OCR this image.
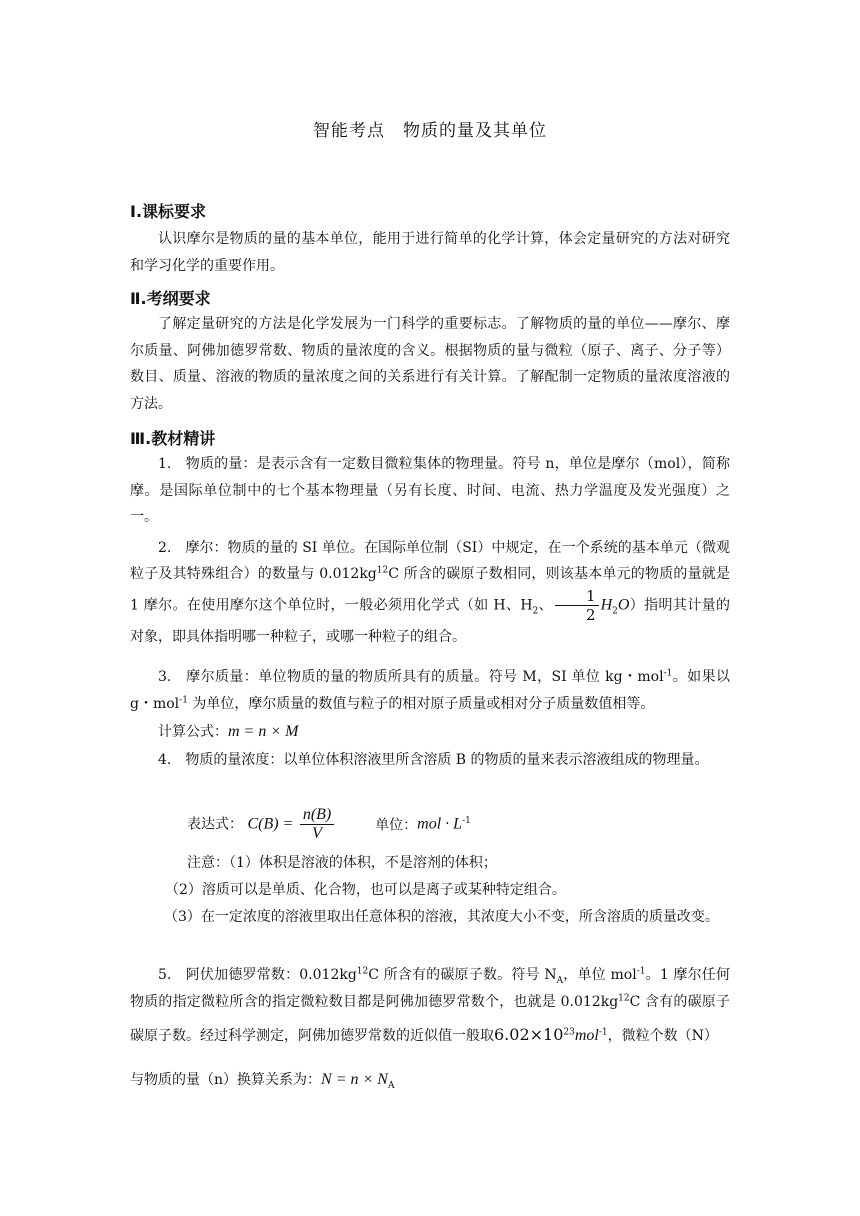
智能考点 物质的量及其单位
Ⅰ.课标要求

认识摩尔是物质的量的基本单位，能用于进行简单的化学计算，体会定量研究的方法对研究和学习化学的重要作用。

Ⅱ.考纲要求

了解定量研究的方法是化学发展为一门科学的重要标志。了解物质的量的单位——摩尔、摩尔质量、阿佛加德罗常数、物质的量浓度的含义。根据物质的量与微粒（原子、离子、分子等）数目、质量、溶液的物质的量浓度之间的关系进行有关计算。了解配制一定物质的量浓度溶液的方法。

Ⅲ.教材精讲

1.　物质的量：是表示含有一定数目微粒集体的物理量。符号 n，单位是摩尔（mol），简称摩。是国际单位制中的七个基本物理量（另有长度、时间、电流、热力学温度及发光强度）之一。

2.　摩尔：物质的量的 SI 单位。在国际单位制（SI）中规定，在一个系统的基本单元（微观粒子及其特殊组合）的数量与 $0.012kg^{12}C$ 所含的碳原子数相同，则该基本单元的物质的量就是 1 摩尔。在使用摩尔这个单位时，一般必须用化学式（如 H、$H_2$、 $\frac{1}{2} H_2O$）指明其计量的对象，即具体指明哪一种粒子，或哪一种粒子的组合。

3.　摩尔质量：单位物质的量的物质所具有的质量。符号 M，SI 单位 kg・mol$^{-1}$。如果以 g・mol$^{-1}$ 为单位，摩尔质量的数值与粒子的相对原子质量或相对分子质量数值相等。

计算公式：m = n × M

4.　物质的量浓度：以单位体积溶液里所含溶质 B 的物质的量来表示溶液组成的物理量。

表达式： $C(B) = \frac{n(B)}{V}$	单位：mol · $L^{-1}$
注意：（1）体积是溶液的体积，不是溶剂的体积；
（2）溶质可以是单质、化合物，也可以是离子或某种特定组合。

（3）在一定浓度的溶液里取出任意体积的溶液，其浓度大小不变，所含溶质的质量改变。

5.　阿伏加德罗常数：$0.012kg^{12}C$ 所含有的碳原子数。符号 $N_A$，单位 mol$^{-1}$。1 摩尔任何物质的指定微粒所含的指定微粒数目都是阿佛加德罗常数个，也就是 $0.012kg^{12}C$ 含有的碳原子

碳原子数。经过科学测定，阿佛加德罗常数的近似值一般取$6.02\times 10^{23}mol^{-1}$，微粒个数（N）
与物质的量（n）换算关系为：$N = n \times N_A$
